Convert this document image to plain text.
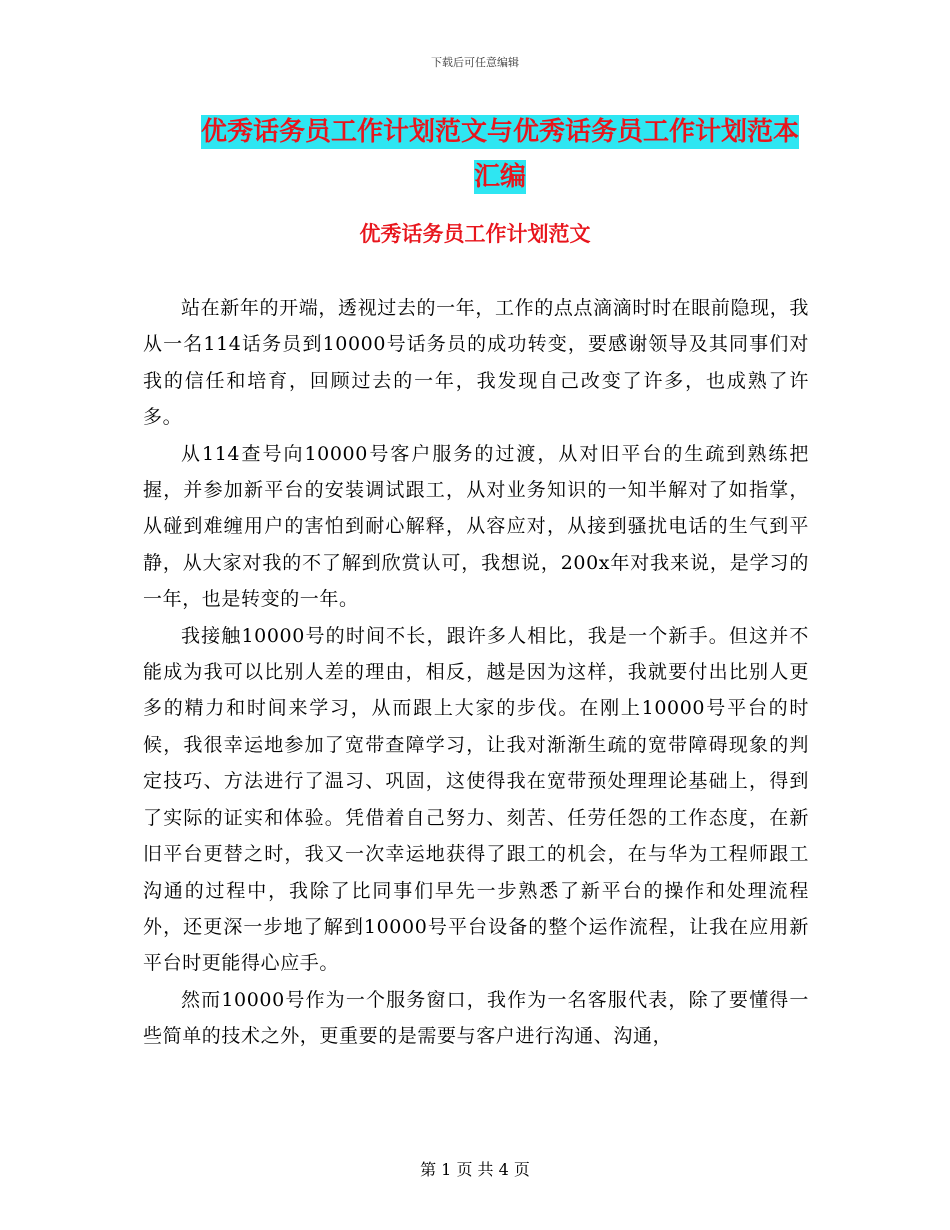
下载后可任意编辑
优秀话务员工作计划范文与优秀话务员工作计划范本汇编
优秀话务员工作计划范文

站在新年的开端，透视过去的一年，工作的点点滴滴时时在眼前隐现，我从一名114话务员到10000号话务员的成功转变，要感谢领导及其同事们对我的信任和培育，回顾过去的一年，我发现自己改变了许多，也成熟了许多。

从114查号向10000号客户服务的过渡，从对旧平台的生疏到熟练把握，并参加新平台的安装调试跟工，从对业务知识的一知半解对了如指掌，从碰到难缠用户的害怕到耐心解释，从容应对，从接到骚扰电话的生气到平静，从大家对我的不了解到欣赏认可，我想说，200x年对我来说，是学习的一年，也是转变的一年。

我接触10000号的时间不长，跟许多人相比，我是一个新手。但这并不能成为我可以比别人差的理由，相反，越是因为这样，我就要付出比别人更多的精力和时间来学习，从而跟上大家的步伐。在刚上10000号平台的时候，我很幸运地参加了宽带查障学习，让我对渐渐生疏的宽带障碍现象的判定技巧、方法进行了温习、巩固，这使得我在宽带预处理理论基础上，得到了实际的证实和体验。凭借着自己努力、刻苦、任劳任怨的工作态度，在新旧平台更替之时，我又一次幸运地获得了跟工的机会，在与华为工程师跟工沟通的过程中，我除了比同事们早先一步熟悉了新平台的操作和处理流程外，还更深一步地了解到10000号平台设备的整个运作流程，让我在应用新平台时更能得心应手。

然而10000号作为一个服务窗口，我作为一名客服代表，除了要懂得一些简单的技术之外，更重要的是需要与客户进行沟通、沟通，

第 1 页 共 4 页
